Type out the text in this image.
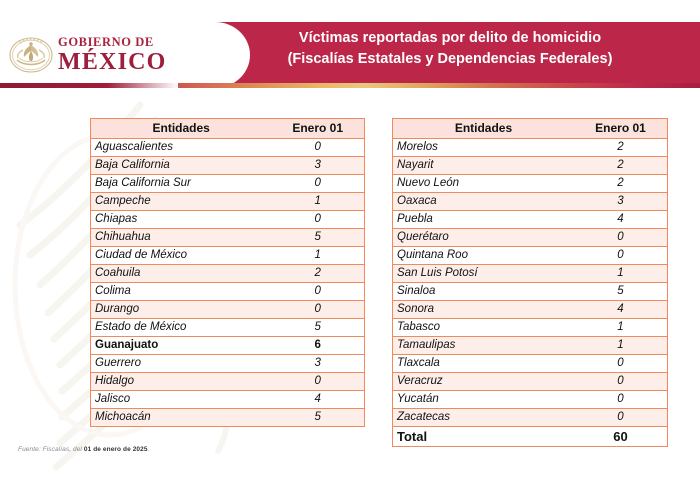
GOBIERNO DE
MÉXICO
Víctimas reportadas por delito de homicidio
(Fiscalías Estatales y Dependencias Federales)
Entidades	Enero 01
Aguascalientes	0
Baja California	3
Baja California Sur	0
Campeche	1
Chiapas	0
Chihuahua	5
Ciudad de México	1
Coahuila	2
Colima	0
Durango	0
Estado de México	5
Guanajuato	6
Guerrero	3
Hidalgo	0
Jalisco	4
Michoacán	5
Entidades	Enero 01
Morelos	2
Nayarit	2
Nuevo León	2
Oaxaca	3
Puebla	4
Querétaro	0
Quintana Roo	0
San Luis Potosí	1
Sinaloa	5
Sonora	4
Tabasco	1
Tamaulipas	1
Tlaxcala	0
Veracruz	0
Yucatán	0
Zacatecas	0
Total	60
Fuente: Fiscalías, del 01 de enero de 2025.
